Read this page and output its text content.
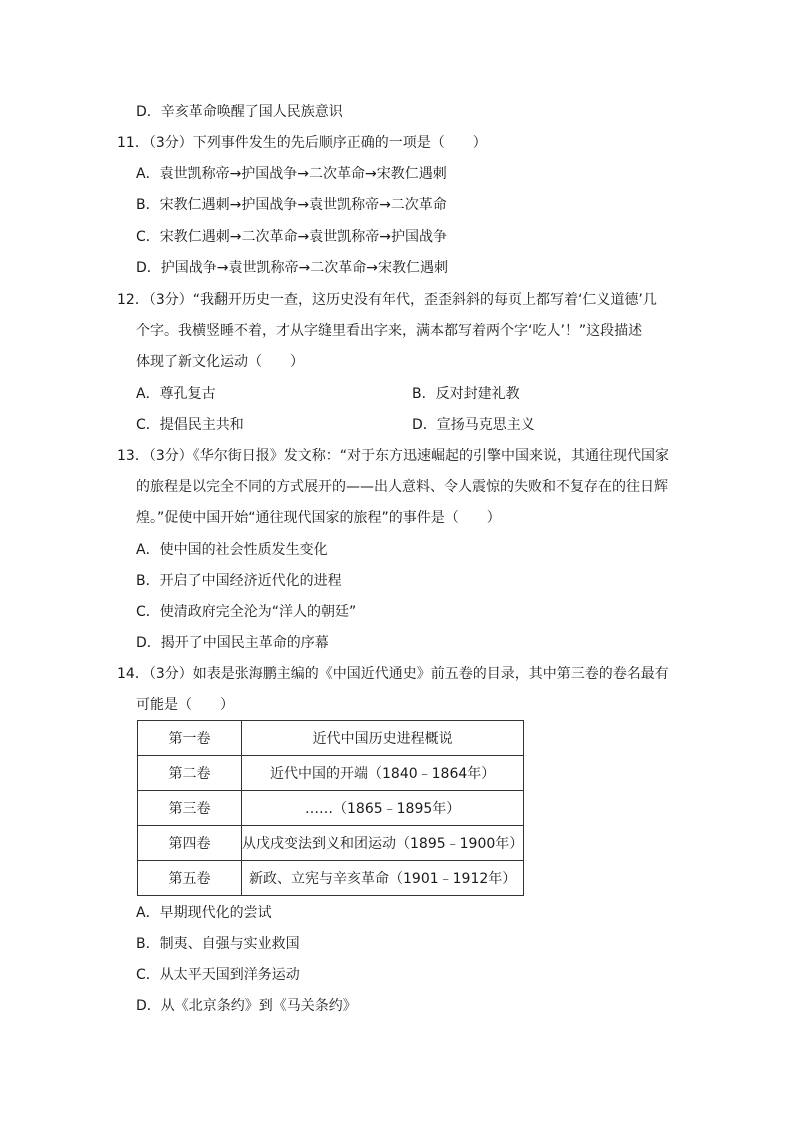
D．辛亥革命唤醒了国人民族意识
11．（3分）下列事件发生的先后顺序正确的一项是（　　）
A．袁世凯称帝→护国战争→二次革命→宋教仁遇刺
B．宋教仁遇刺→护国战争→袁世凯称帝→二次革命
C．宋教仁遇刺→二次革命→袁世凯称帝→护国战争
D．护国战争→袁世凯称帝→二次革命→宋教仁遇刺
12．（3分）“我翻开历史一查，这历史没有年代，歪歪斜斜的每页上都写着‘仁义道德’几
个字。我横竖睡不着，才从字缝里看出字来，满本都写着两个字‘吃人’！”这段描述
体现了新文化运动（　　）
A．尊孔复古	B．反对封建礼教
C．提倡民主共和	D．宣扬马克思主义
13．（3分）《华尔街日报》发文称：“对于东方迅速崛起的引擎中国来说，其通往现代国家
的旅程是以完全不同的方式展开的——出人意料、令人震惊的失败和不复存在的往日辉
煌。”促使中国开始“通往现代国家的旅程”的事件是（　　）
A．使中国的社会性质发生变化
B．开启了中国经济近代化的进程
C．使清政府完全沦为“洋人的朝廷”
D．揭开了中国民主革命的序幕
14．（3分）如表是张海鹏主编的《中国近代通史》前五卷的目录，其中第三卷的卷名最有
可能是（　　）
第一卷	近代中国历史进程概说
第二卷	近代中国的开端（1840﹣1864年）
第三卷	……（1865﹣1895年）
第四卷	从戊戌变法到义和团运动（1895﹣1900年）
第五卷	新政、立宪与辛亥革命（1901﹣1912年）
A．早期现代化的尝试
B．制夷、自强与实业救国
C．从太平天国到洋务运动
D．从《北京条约》到《马关条约》
